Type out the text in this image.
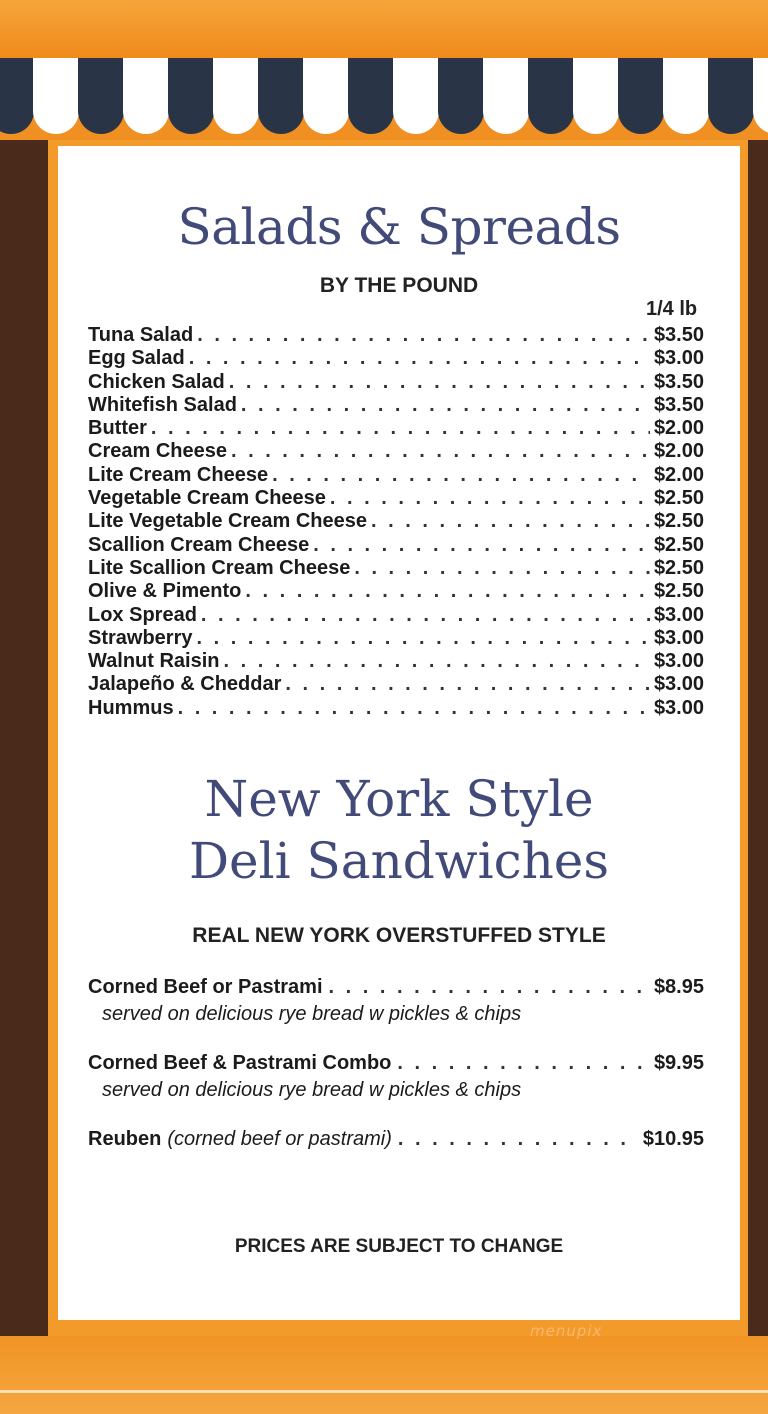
Salads & Spreads
BY THE POUND
1/4 lb
Tuna Salad . . .	$3.50
Egg Salad . . .	$3.00
Chicken Salad . . .	$3.50
Whitefish Salad . . .	$3.50
Butter . . .	$2.00
Cream Cheese . . .	$2.00
Lite Cream Cheese . . .	$2.00
Vegetable Cream Cheese . . .	$2.50
Lite Vegetable Cream Cheese . . .	$2.50
Scallion Cream Cheese . . .	$2.50
Lite Scallion Cream Cheese . . .	$2.50
Olive & Pimento . . .	$2.50
Lox Spread . . .	$3.00
Strawberry . . .	$3.00
Walnut Raisin . . .	$3.00
Jalapeño & Cheddar . . .	$3.00
Hummus . . .	$3.00
New York Style
Deli Sandwiches
REAL NEW YORK OVERSTUFFED STYLE
Corned Beef or Pastrami . . .	$8.95
served on delicious rye bread w pickles & chips
Corned Beef & Pastrami Combo . . .	$9.95
served on delicious rye bread w pickles & chips
Reuben (corned beef or pastrami) . . .	$10.95
PRICES ARE SUBJECT TO CHANGE
menupix
